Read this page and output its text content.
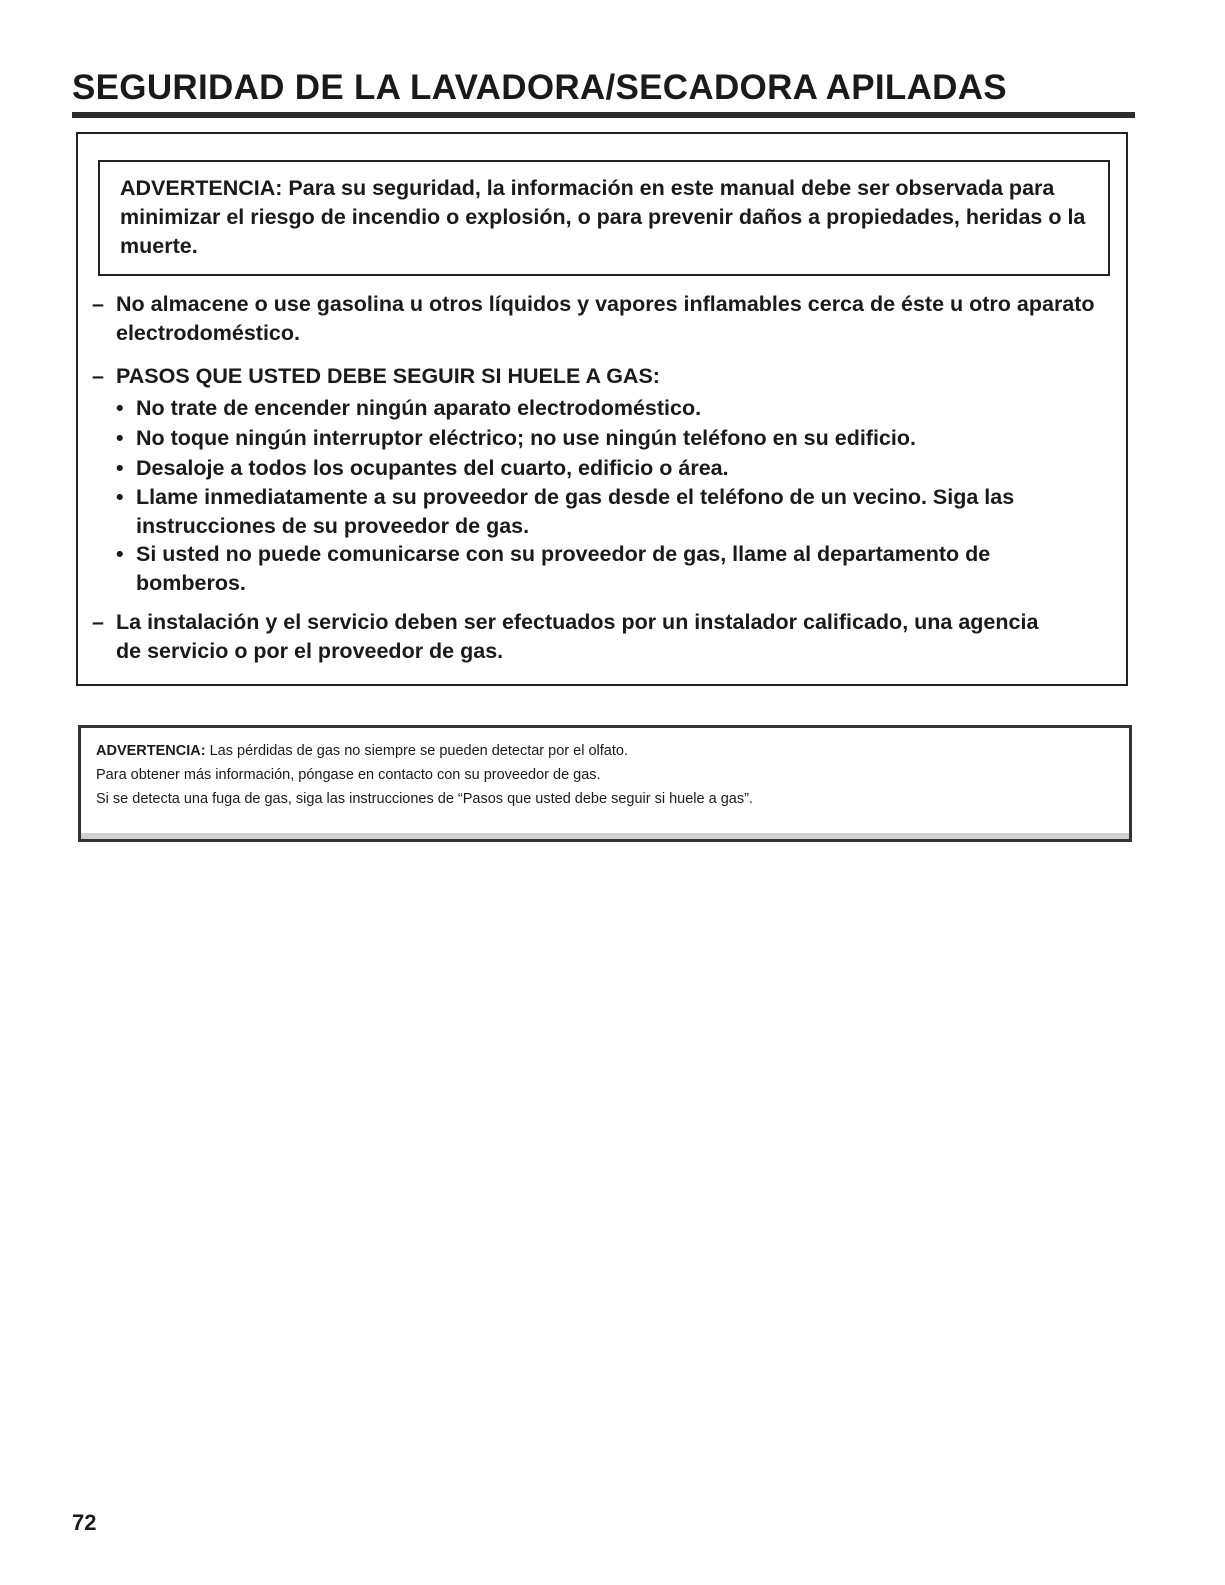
SEGURIDAD DE LA LAVADORA/SECADORA APILADAS

ADVERTENCIA: Para su seguridad, la información en este manual debe ser observada para minimizar el riesgo de incendio o explosión, o para prevenir daños a propiedades, heridas o la muerte.

– No almacene o use gasolina u otros líquidos y vapores inflamables cerca de éste u otro aparato electrodoméstico.

– PASOS QUE USTED DEBE SEGUIR SI HUELE A GAS:

• No trate de encender ningún aparato electrodoméstico.

• No toque ningún interruptor eléctrico; no use ningún teléfono en su edificio.

• Desaloje a todos los ocupantes del cuarto, edificio o área.

• Llame inmediatamente a su proveedor de gas desde el teléfono de un vecino. Siga las instrucciones de su proveedor de gas.

• Si usted no puede comunicarse con su proveedor de gas, llame al departamento de bomberos.

– La instalación y el servicio deben ser efectuados por un instalador calificado, una agencia de servicio o por el proveedor de gas.

ADVERTENCIA: Las pérdidas de gas no siempre se pueden detectar por el olfato.

Para obtener más información, póngase en contacto con su proveedor de gas.

Si se detecta una fuga de gas, siga las instrucciones de “Pasos que usted debe seguir si huele a gas”.

72
